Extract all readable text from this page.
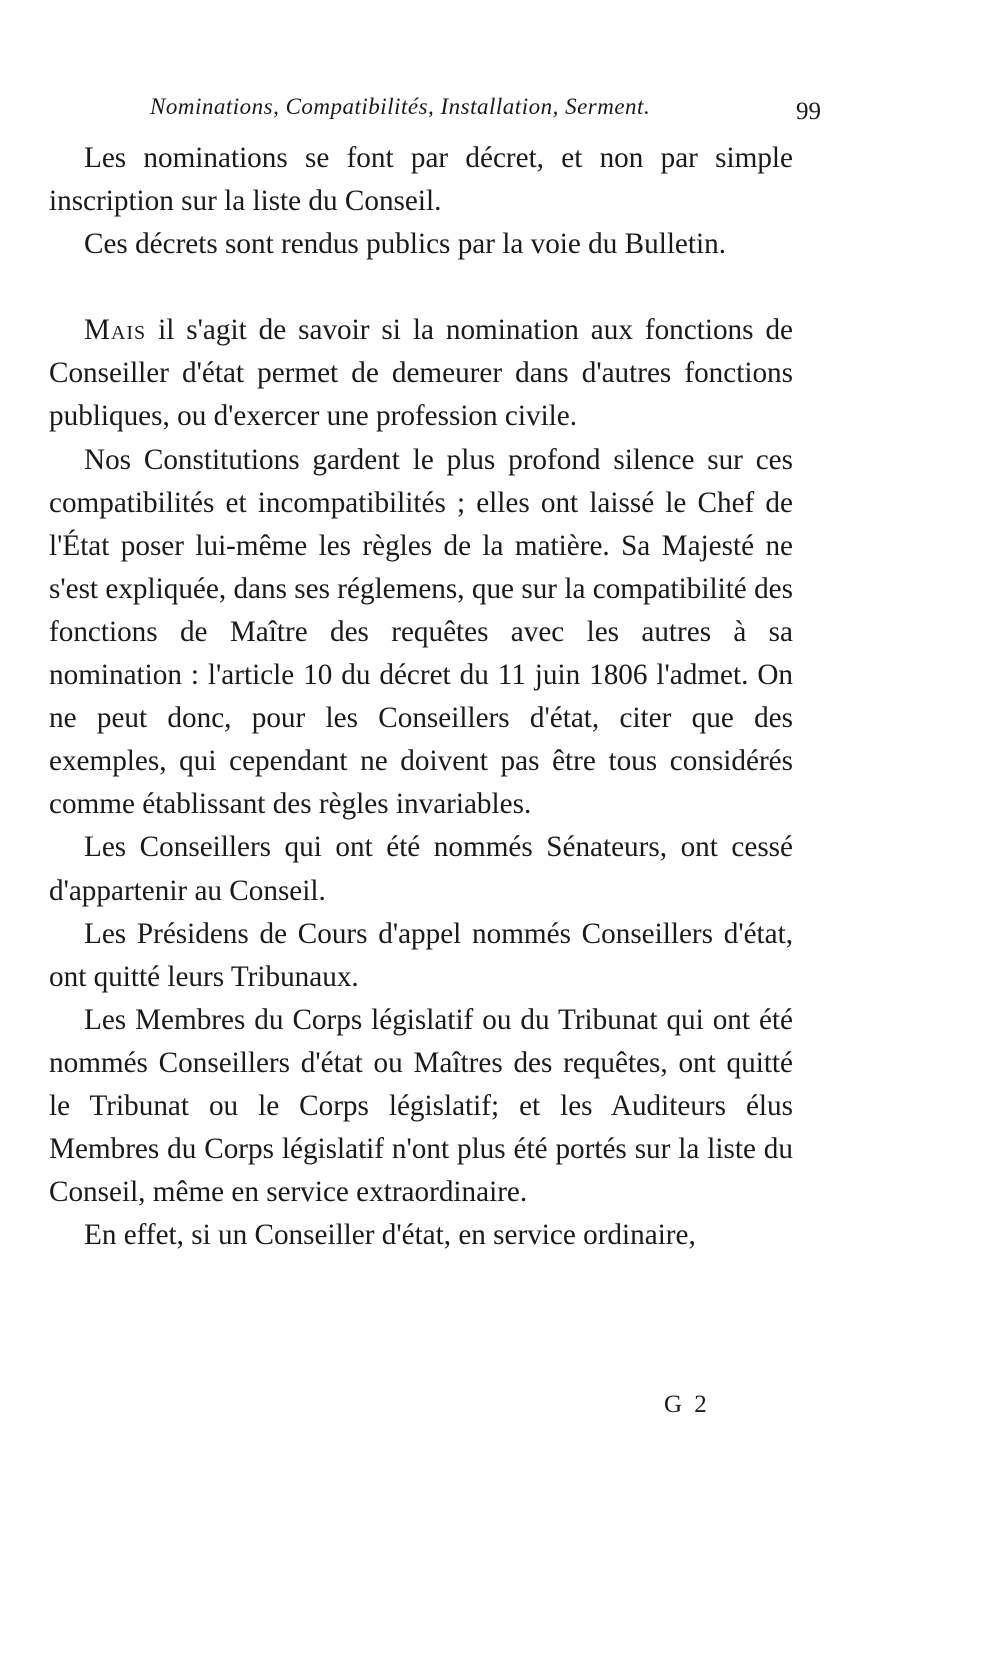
Nominations, Compatibilités, Installation, Serment.	99

Les nominations se font par décret, et non par simple inscription sur la liste du Conseil.

Ces décrets sont rendus publics par la voie du Bulletin.

Mais il s'agit de savoir si la nomination aux fonctions de Conseiller d'état permet de demeurer dans d'autres fonctions publiques, ou d'exercer une profession civile.

Nos Constitutions gardent le plus profond silence sur ces compatibilités et incompatibilités ; elles ont laissé le Chef de l'État poser lui-même les règles de la matière. Sa Majesté ne s'est expliquée, dans ses réglemens, que sur la compatibilité des fonctions de Maître des requêtes avec les autres à sa nomination : l'article 10 du décret du 11 juin 1806 l'admet. On ne peut donc, pour les Conseillers d'état, citer que des exemples, qui cependant ne doivent pas être tous considérés comme établissant des règles invariables.

Les Conseillers qui ont été nommés Sénateurs, ont cessé d'appartenir au Conseil.

Les Présidens de Cours d'appel nommés Conseillers d'état, ont quitté leurs Tribunaux.

Les Membres du Corps législatif ou du Tribunat qui ont été nommés Conseillers d'état ou Maîtres des requêtes, ont quitté le Tribunat ou le Corps législatif; et les Auditeurs élus Membres du Corps législatif n'ont plus été portés sur la liste du Conseil, même en service extraordinaire.

En effet, si un Conseiller d'état, en service ordinaire,

G 2
